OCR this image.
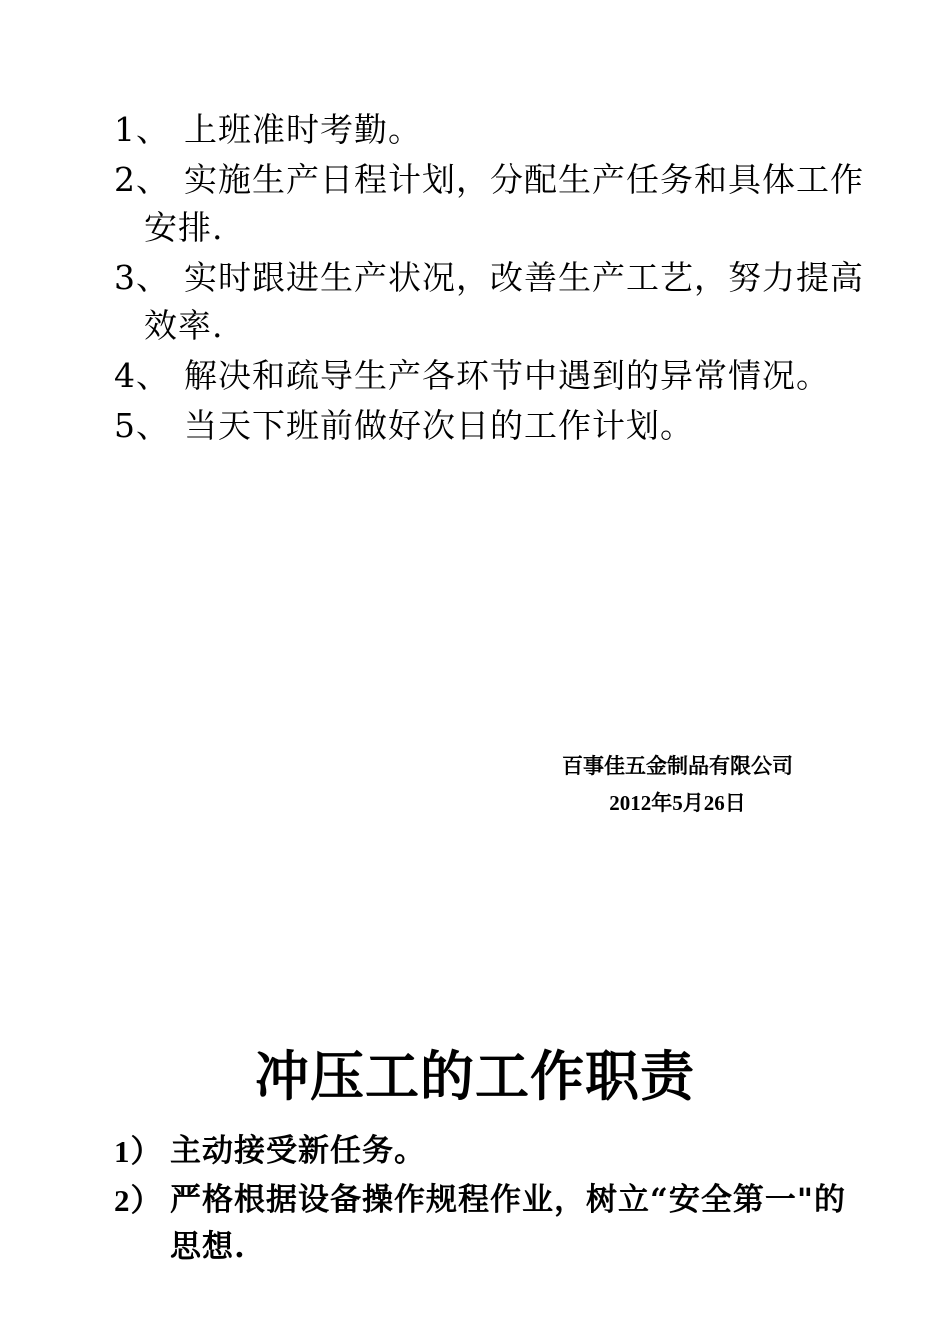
1、 上班准时考勤。
2、 实施生产日程计划，分配生产任务和具体工作安排.
3、 实时跟进生产状况，改善生产工艺，努力提高效率.
4、 解决和疏导生产各环节中遇到的异常情况。
5、 当天下班前做好次日的工作计划。
百事佳五金制品有限公司
2012年5月26日
冲压工的工作职责
1） 主动接受新任务。
2） 严格根据设备操作规程作业，树立“安全第一"的思想.
